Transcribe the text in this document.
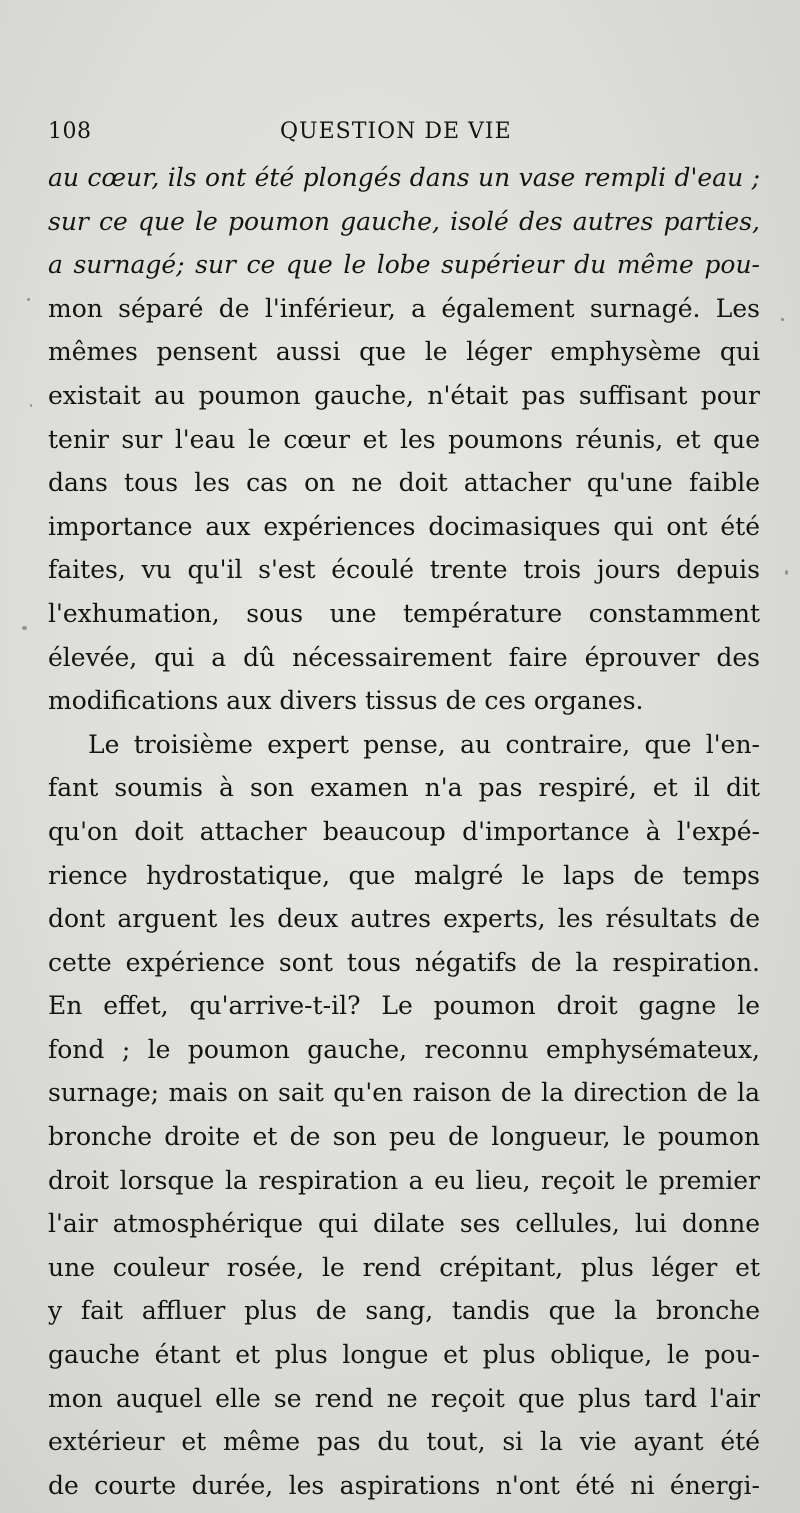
108	QUESTION DE VIE
au cœur, ils ont été plongés dans un vase rempli d'eau ;
sur ce que le poumon gauche, isolé des autres parties,
a surnagé; sur ce que le lobe supérieur du même pou-
mon séparé de l'inférieur, a également surnagé. Les
mêmes pensent aussi que le léger emphysème qui
existait au poumon gauche, n'était pas suffisant pour
tenir sur l'eau le cœur et les poumons réunis, et que
dans tous les cas on ne doit attacher qu'une faible
importance aux expériences docimasiques qui ont été
faites, vu qu'il s'est écoulé trente trois jours depuis
l'exhumation, sous une température constamment
élevée, qui a dû nécessairement faire éprouver des
modifications aux divers tissus de ces organes.
Le troisième expert pense, au contraire, que l'en-
fant soumis à son examen n'a pas respiré, et il dit
qu'on doit attacher beaucoup d'importance à l'expé-
rience hydrostatique, que malgré le laps de temps
dont arguent les deux autres experts, les résultats de
cette expérience sont tous négatifs de la respiration.
En effet, qu'arrive-t-il? Le poumon droit gagne le
fond ; le poumon gauche, reconnu emphysémateux,
surnage; mais on sait qu'en raison de la direction de la
bronche droite et de son peu de longueur, le poumon
droit lorsque la respiration a eu lieu, reçoit le premier
l'air atmosphérique qui dilate ses cellules, lui donne
une couleur rosée, le rend crépitant, plus léger et
y fait affluer plus de sang, tandis que la bronche
gauche étant et plus longue et plus oblique, le pou-
mon auquel elle se rend ne reçoit que plus tard l'air
extérieur et même pas du tout, si la vie ayant été
de courte durée, les aspirations n'ont été ni énergi-
